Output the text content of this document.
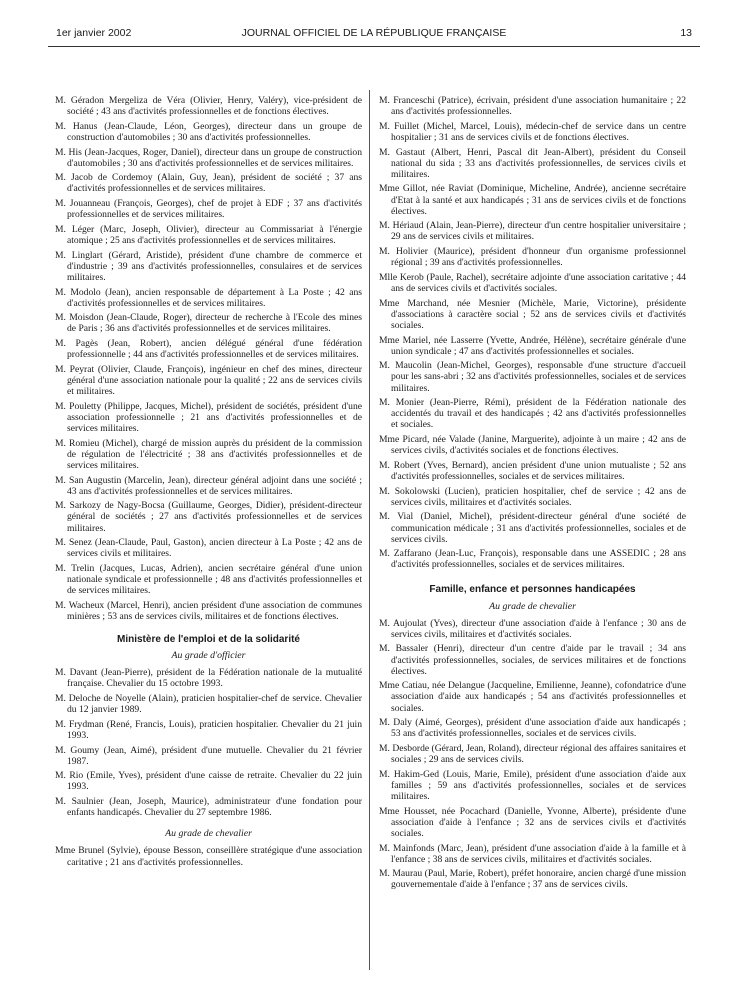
1er janvier 2002	JOURNAL OFFICIEL DE LA RÉPUBLIQUE FRANÇAISE	13

M. Géradon Mergeliza de Véra (Olivier, Henry, Valéry), vice-président de société ; 43 ans d'activités professionnelles et de fonctions électives.

M. Hanus (Jean-Claude, Léon, Georges), directeur dans un groupe de construction d'automobiles ; 30 ans d'activités professionnelles.

M. His (Jean-Jacques, Roger, Daniel), directeur dans un groupe de construction d'automobiles ; 30 ans d'activités professionnelles et de services militaires.

M. Jacob de Cordemoy (Alain, Guy, Jean), président de société ; 37 ans d'activités professionnelles et de services militaires.

M. Jouanneau (François, Georges), chef de projet à EDF ; 37 ans d'activités professionnelles et de services militaires.

M. Léger (Marc, Joseph, Olivier), directeur au Commissariat à l'énergie atomique ; 25 ans d'activités professionnelles et de services militaires.

M. Linglart (Gérard, Aristide), président d'une chambre de commerce et d'industrie ; 39 ans d'activités professionnelles, consulaires et de services militaires.

M. Modolo (Jean), ancien responsable de département à La Poste ; 42 ans d'activités professionnelles et de services militaires.

M. Moisdon (Jean-Claude, Roger), directeur de recherche à l'Ecole des mines de Paris ; 36 ans d'activités professionnelles et de services militaires.

M. Pagès (Jean, Robert), ancien délégué général d'une fédération professionnelle ; 44 ans d'activités professionnelles et de services militaires.

M. Peyrat (Olivier, Claude, François), ingénieur en chef des mines, directeur général d'une association nationale pour la qualité ; 22 ans de services civils et militaires.

M. Pouletty (Philippe, Jacques, Michel), président de sociétés, président d'une association professionnelle ; 21 ans d'activités professionnelles et de services militaires.

M. Romieu (Michel), chargé de mission auprès du président de la commission de régulation de l'électricité ; 38 ans d'activités professionnelles et de services militaires.

M. San Augustin (Marcelin, Jean), directeur général adjoint dans une société ; 43 ans d'activités professionnelles et de services militaires.

M. Sarkozy de Nagy-Bocsa (Guillaume, Georges, Didier), président-directeur général de sociétés ; 27 ans d'activités professionnelles et de services militaires.

M. Senez (Jean-Claude, Paul, Gaston), ancien directeur à La Poste ; 42 ans de services civils et militaires.

M. Trelin (Jacques, Lucas, Adrien), ancien secrétaire général d'une union nationale syndicale et professionnelle ; 48 ans d'activités professionnelles et de services militaires.

M. Wacheux (Marcel, Henri), ancien président d'une association de communes minières ; 53 ans de services civils, militaires et de fonctions électives.

Ministère de l'emploi et de la solidarité
Au grade d'officier

M. Davant (Jean-Pierre), président de la Fédération nationale de la mutualité française. Chevalier du 15 octobre 1993.

M. Deloche de Noyelle (Alain), praticien hospitalier-chef de service. Chevalier du 12 janvier 1989.

M. Frydman (René, Francis, Louis), praticien hospitalier. Chevalier du 21 juin 1993.

M. Goumy (Jean, Aimé), président d'une mutuelle. Chevalier du 21 février 1987.

M. Rio (Emile, Yves), président d'une caisse de retraite. Chevalier du 22 juin 1993.

M. Saulnier (Jean, Joseph, Maurice), administrateur d'une fondation pour enfants handicapés. Chevalier du 27 septembre 1986.

Au grade de chevalier

Mme Brunel (Sylvie), épouse Besson, conseillère stratégique d'une association caritative ; 21 ans d'activités professionnelles.

M. Franceschi (Patrice), écrivain, président d'une association humanitaire ; 22 ans d'activités professionnelles.

M. Fuillet (Michel, Marcel, Louis), médecin-chef de service dans un centre hospitalier ; 31 ans de services civils et de fonctions électives.

M. Gastaut (Albert, Henri, Pascal dit Jean-Albert), président du Conseil national du sida ; 33 ans d'activités professionnelles, de services civils et militaires.

Mme Gillot, née Raviat (Dominique, Micheline, Andrée), ancienne secrétaire d'Etat à la santé et aux handicapés ; 31 ans de services civils et de fonctions électives.

M. Hériaud (Alain, Jean-Pierre), directeur d'un centre hospitalier universitaire ; 29 ans de services civils et militaires.

M. Holivier (Maurice), président d'honneur d'un organisme professionnel régional ; 39 ans d'activités professionnelles.

Mlle Kerob (Paule, Rachel), secrétaire adjointe d'une association caritative ; 44 ans de services civils et d'activités sociales.

Mme Marchand, née Mesnier (Michèle, Marie, Victorine), présidente d'associations à caractère social ; 52 ans de services civils et d'activités sociales.

Mme Mariel, née Lasserre (Yvette, Andrée, Hélène), secrétaire générale d'une union syndicale ; 47 ans d'activités professionnelles et sociales.

M. Maucolin (Jean-Michel, Georges), responsable d'une structure d'accueil pour les sans-abri ; 32 ans d'activités professionnelles, sociales et de services militaires.

M. Monier (Jean-Pierre, Rémi), président de la Fédération nationale des accidentés du travail et des handicapés ; 42 ans d'activités professionnelles et sociales.

Mme Picard, née Valade (Janine, Marguerite), adjointe à un maire ; 42 ans de services civils, d'activités sociales et de fonctions électives.

M. Robert (Yves, Bernard), ancien président d'une union mutualiste ; 52 ans d'activités professionnelles, sociales et de services militaires.

M. Sokolowski (Lucien), praticien hospitalier, chef de service ; 42 ans de services civils, militaires et d'activités sociales.

M. Vial (Daniel, Michel), président-directeur général d'une société de communication médicale ; 31 ans d'activités professionnelles, sociales et de services civils.

M. Zaffarano (Jean-Luc, François), responsable dans une ASSEDIC ; 28 ans d'activités professionnelles, sociales et de services militaires.

Famille, enfance et personnes handicapées
Au grade de chevalier

M. Aujoulat (Yves), directeur d'une association d'aide à l'enfance ; 30 ans de services civils, militaires et d'activités sociales.

M. Bassaler (Henri), directeur d'un centre d'aide par le travail ; 34 ans d'activités professionnelles, sociales, de services militaires et de fonctions électives.

Mme Catiau, née Delangue (Jacqueline, Emilienne, Jeanne), cofondatrice d'une association d'aide aux handicapés ; 54 ans d'activités professionnelles et sociales.

M. Daly (Aimé, Georges), président d'une association d'aide aux handicapés ; 53 ans d'activités professionnelles, sociales et de services civils.

M. Desborde (Gérard, Jean, Roland), directeur régional des affaires sanitaires et sociales ; 29 ans de services civils.

M. Hakim-Ged (Louis, Marie, Emile), président d'une association d'aide aux familles ; 59 ans d'activités professionnelles, sociales et de services militaires.

Mme Housset, née Pocachard (Danielle, Yvonne, Alberte), présidente d'une association d'aide à l'enfance ; 32 ans de services civils et d'activités sociales.

M. Mainfonds (Marc, Jean), président d'une association d'aide à la famille et à l'enfance ; 38 ans de services civils, militaires et d'activités sociales.

M. Maurau (Paul, Marie, Robert), préfet honoraire, ancien chargé d'une mission gouvernementale d'aide à l'enfance ; 37 ans de services civils.
